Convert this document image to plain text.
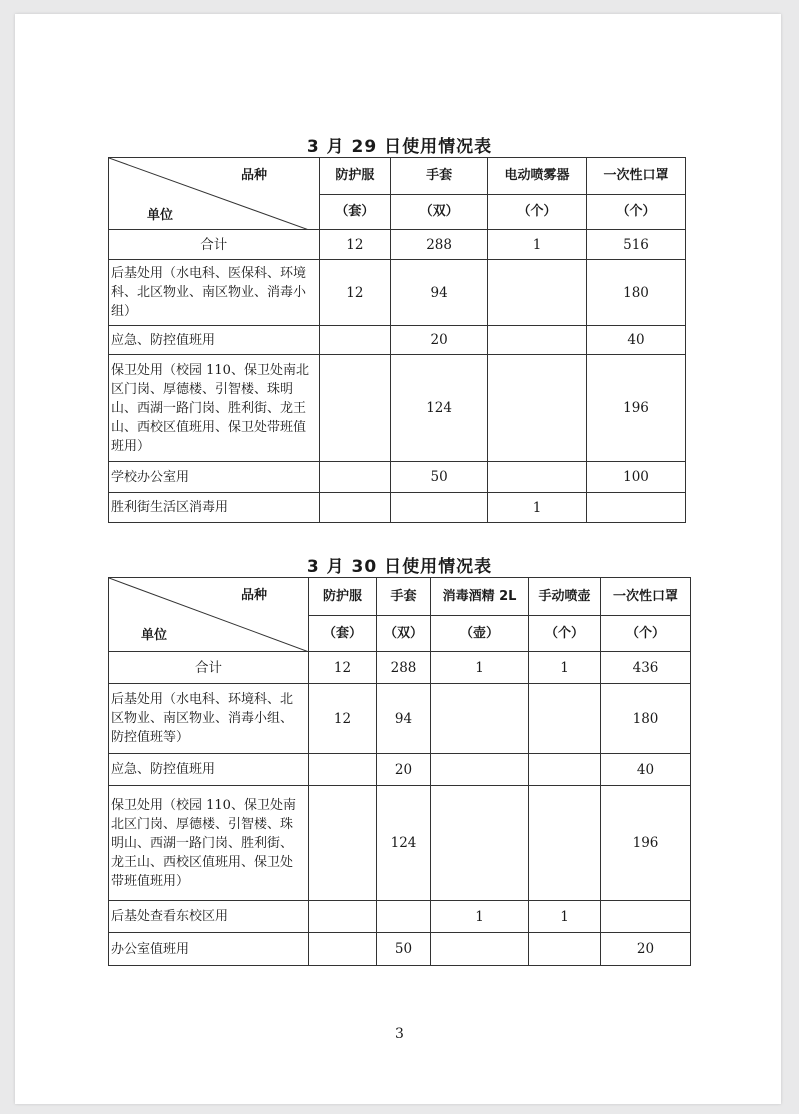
3 月 29 日使用情况表
品种
单位	防护服	手套	电动喷雾器	一次性口罩
	（套）	（双）	（个）	（个）
合计	12	288	1	516
后基处用（水电科、医保科、环境科、北区物业、南区物业、消毒小组）	12	94		180
应急、防控值班用		20		40
保卫处用（校园 110、保卫处南北区门岗、厚德楼、引智楼、珠明山、西湖一路门岗、胜利街、龙王山、西校区值班用、保卫处带班值班用）		124		196
学校办公室用		50		100
胜利街生活区消毒用			1	
3 月 30 日使用情况表
品种
单位	防护服	手套	消毒酒精 2L	手动喷壶	一次性口罩
	（套）	（双）	（壶）	（个）	（个）
合计	12	288	1	1	436
后基处用（水电科、环境科、北区物业、南区物业、消毒小组、防控值班等）	12	94			180
应急、防控值班用		20			40
保卫处用（校园 110、保卫处南北区门岗、厚德楼、引智楼、珠明山、西湖一路门岗、胜利街、龙王山、西校区值班用、保卫处带班值班用）		124			196
后基处查看东校区用			1	1	
办公室值班用		50			20
3
